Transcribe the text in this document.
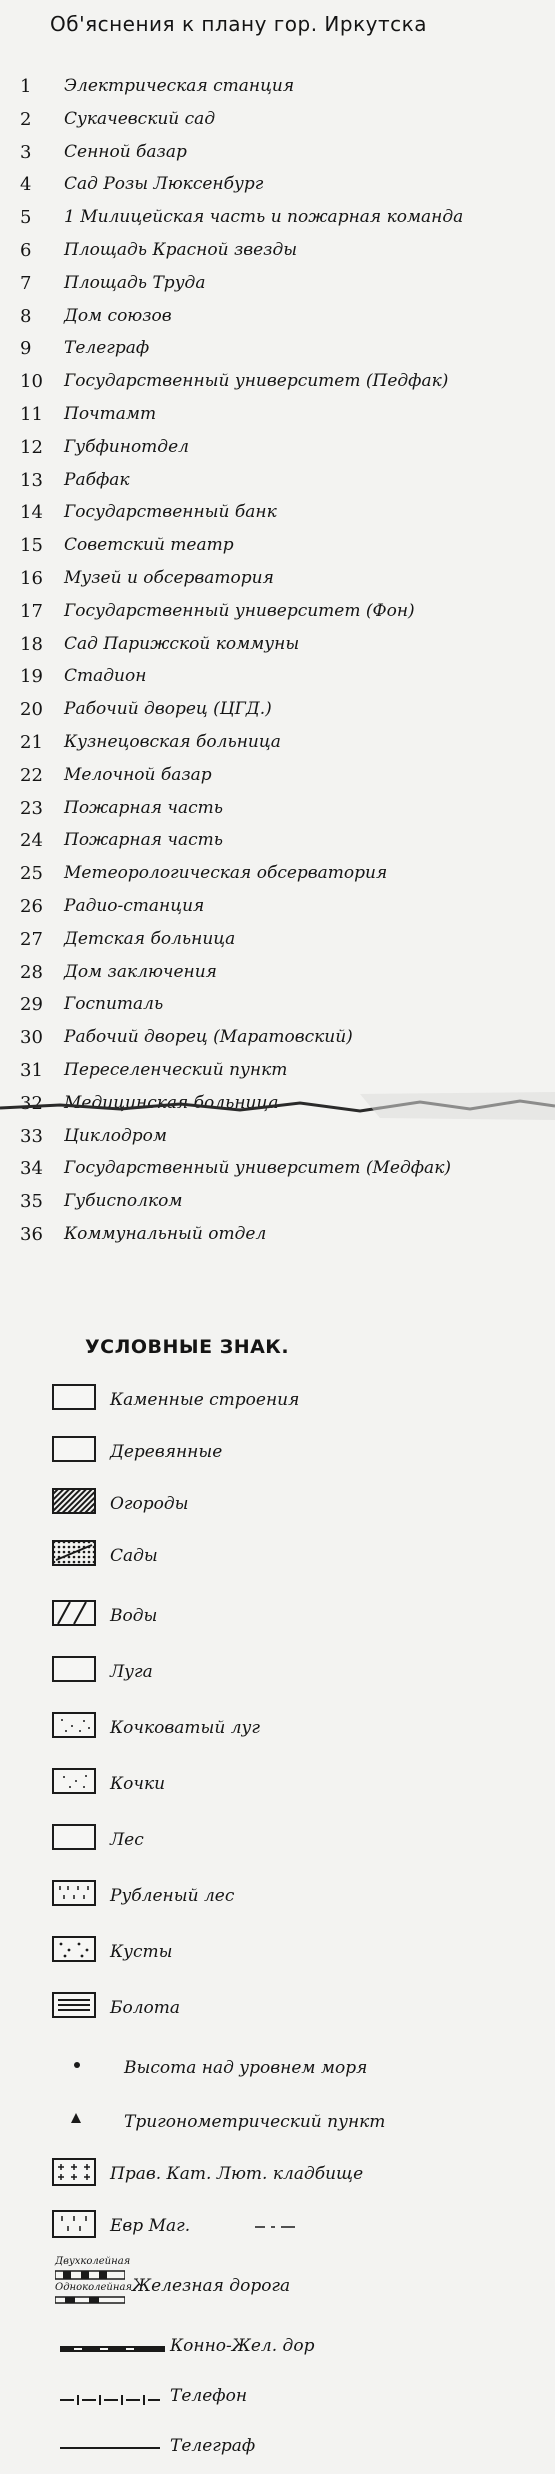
Об'яснения к плану гор. Иркутска
1	Электрическая станция
2	Сукачевский сад
3	Сенной базар
4	Сад Розы Люксенбург
5	1 Милицейская часть и пожарная команда
6	Площадь Красной звезды
7	Площадь Труда
8	Дом союзов
9	Телеграф
10	Государственный университет (Педфак)
11	Почтамт
12	Губфинотдел
13	Рабфак
14	Государственный банк
15	Советский театр
16	Музей и обсерватория
17	Государственный университет (Фон)
18	Сад Парижской коммуны
19	Стадион
20	Рабочий дворец (ЦГД.)
21	Кузнецовская больница
22	Мелочной базар
23	Пожарная часть
24	Пожарная часть
25	Метеорологическая обсерватория
26	Радио-станция
27	Детская больница
28	Дом заключения
29	Госпиталь
30	Рабочий дворец (Маратовский)
31	Переселенческий пункт
32	Медицинская больница
33	Циклодром
34	Государственный университет (Медфак)
35	Губисполком
36	Коммунальный отдел
УСЛОВНЫЕ ЗНАК.
Каменные строения
Деревянные
Огороды
Сады
Воды
Луга
Кочковатый луг
Кочки
Лес
Рубленый лес
Кусты
Болота
Высота над уровнем моря
Тригонометрический пункт
Прав. Кат. Лют. кладбище
Евр Маг.
Двухколейная
Одноколейная Железная дорога
Конно-Жел. дор
Телефон
Телеграф
